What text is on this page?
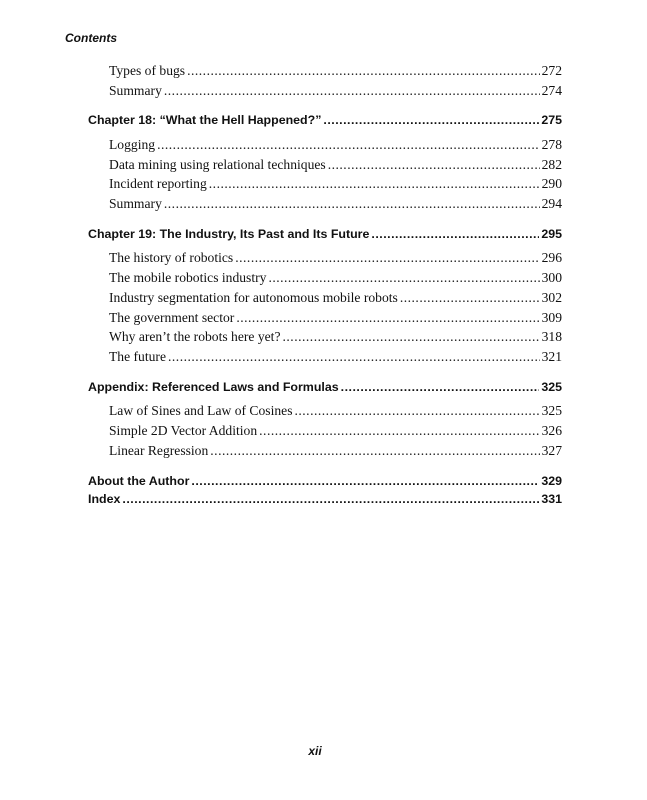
Contents
Types of bugs .....	272
Summary .....	274
Chapter 18: “What the Hell Happened?” .....	275
Logging .....	278
Data mining using relational techniques .....	282
Incident reporting .....	290
Summary .....	294
Chapter 19: The Industry, Its Past and Its Future .....	295
The history of robotics .....	296
The mobile robotics industry .....	300
Industry segmentation for autonomous mobile robots .....	302
The government sector .....	309
Why aren’t the robots here yet? .....	318
The future .....	321
Appendix: Referenced Laws and Formulas .....	325
Law of Sines and Law of Cosines .....	325
Simple 2D Vector Addition .....	326
Linear Regression .....	327
About the Author .....	329
Index .....	331
xii
